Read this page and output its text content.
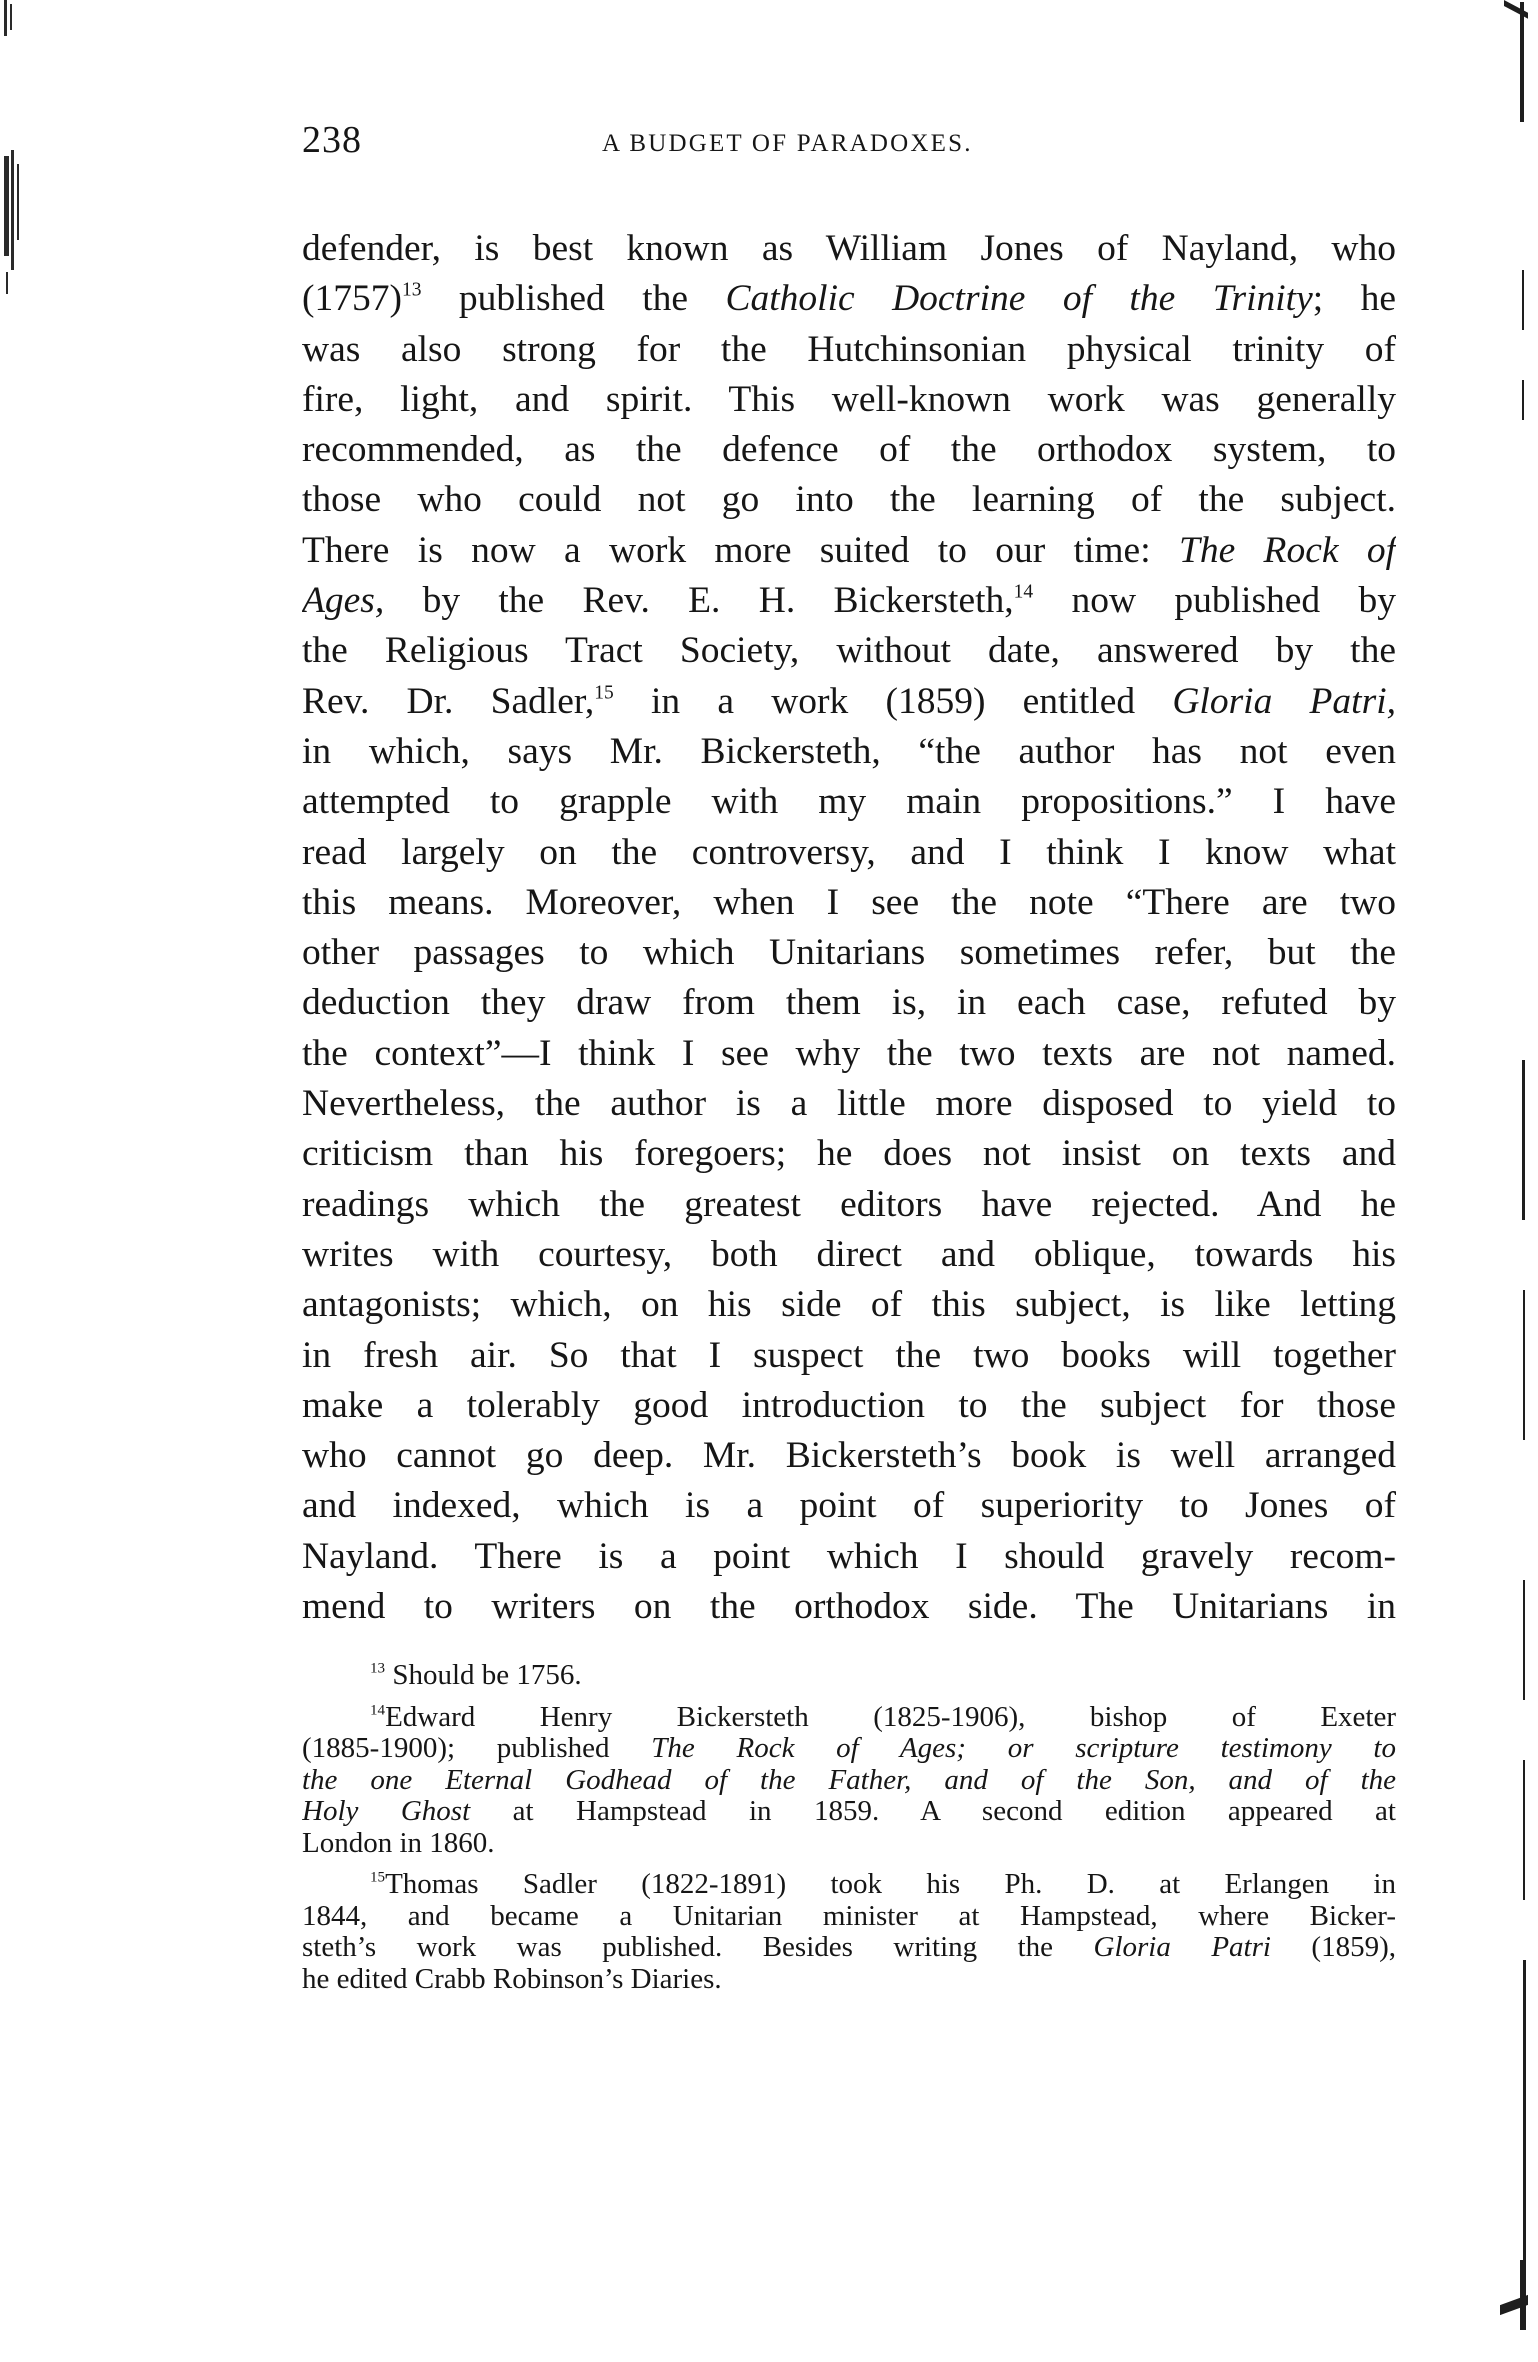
238	A BUDGET OF PARADOXES.
defender, is best known as William Jones of Nayland, who
$(1757)^{13}$ published the Catholic Doctrine of the Trinity; he
was also strong for the Hutchinsonian physical trinity of
fire, light, and spirit. This well-known work was generally
recommended, as the defence of the orthodox system, to
those who could not go into the learning of the subject.
There is now a work more suited to our time: The Rock of
Ages, by the Rev. E. H. Bickersteth,$^{14}$ now published by
the Religious Tract Society, without date, answered by the
Rev. Dr. Sadler,$^{15}$ in a work (1859) entitled Gloria Patri,
in which, says Mr. Bickersteth, “the author has not even
attempted to grapple with my main propositions.” I have
read largely on the controversy, and I think I know what
this means. Moreover, when I see the note “There are two
other passages to which Unitarians sometimes refer, but the
deduction they draw from them is, in each case, refuted by
the context”—I think I see why the two texts are not named.
Nevertheless, the author is a little more disposed to yield to
criticism than his foregoers; he does not insist on texts and
readings which the greatest editors have rejected. And he
writes with courtesy, both direct and oblique, towards his
antagonists; which, on his side of this subject, is like letting
in fresh air. So that I suspect the two books will together
make a tolerably good introduction to the subject for those
who cannot go deep. Mr. Bickersteth’s book is well arranged
and indexed, which is a point of superiority to Jones of
Nayland. There is a point which I should gravely recom-
mend to writers on the orthodox side. The Unitarians in
$^{13}$ Should be 1756.
$^{14}$Edward Henry Bickersteth (1825-1906), bishop of Exeter
(1885-1900); published The Rock of Ages; or scripture testimony to
the one Eternal Godhead of the Father, and of the Son, and of the
Holy Ghost at Hampstead in 1859. A second edition appeared at
London in 1860.
$^{15}$Thomas Sadler (1822-1891) took his Ph. D. at Erlangen in
1844, and became a Unitarian minister at Hampstead, where Bicker-
steth’s work was published. Besides writing the Gloria Patri (1859),
he edited Crabb Robinson’s Diaries.
